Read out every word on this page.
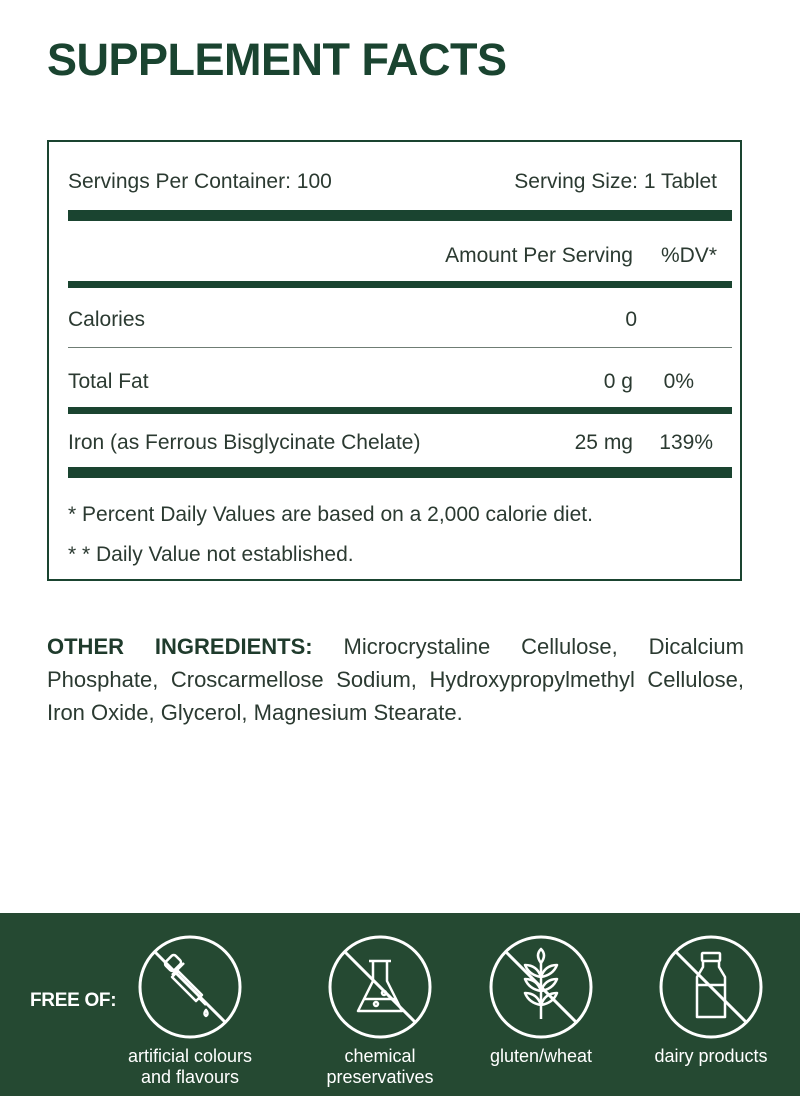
SUPPLEMENT FACTS
Servings Per Container: 100	Serving Size: 1 Tablet
Amount Per Serving %DV*
Calories	0
Total Fat	0 g 0%
Iron (as Ferrous Bisglycinate Chelate)	25 mg 139%
* Percent Daily Values are based on a 2,000 calorie diet.
* * Daily Value not established.

OTHER INGREDIENTS: Microcrystaline Cellulose, Dicalcium Phosphate, Croscarmellose Sodium, Hydroxypropylmethyl Cellulose, Iron Oxide, Glycerol, Magnesium Stearate.

FREE OF:
artificial colours
and flavours
chemical
preservatives
gluten/wheat	dairy products
